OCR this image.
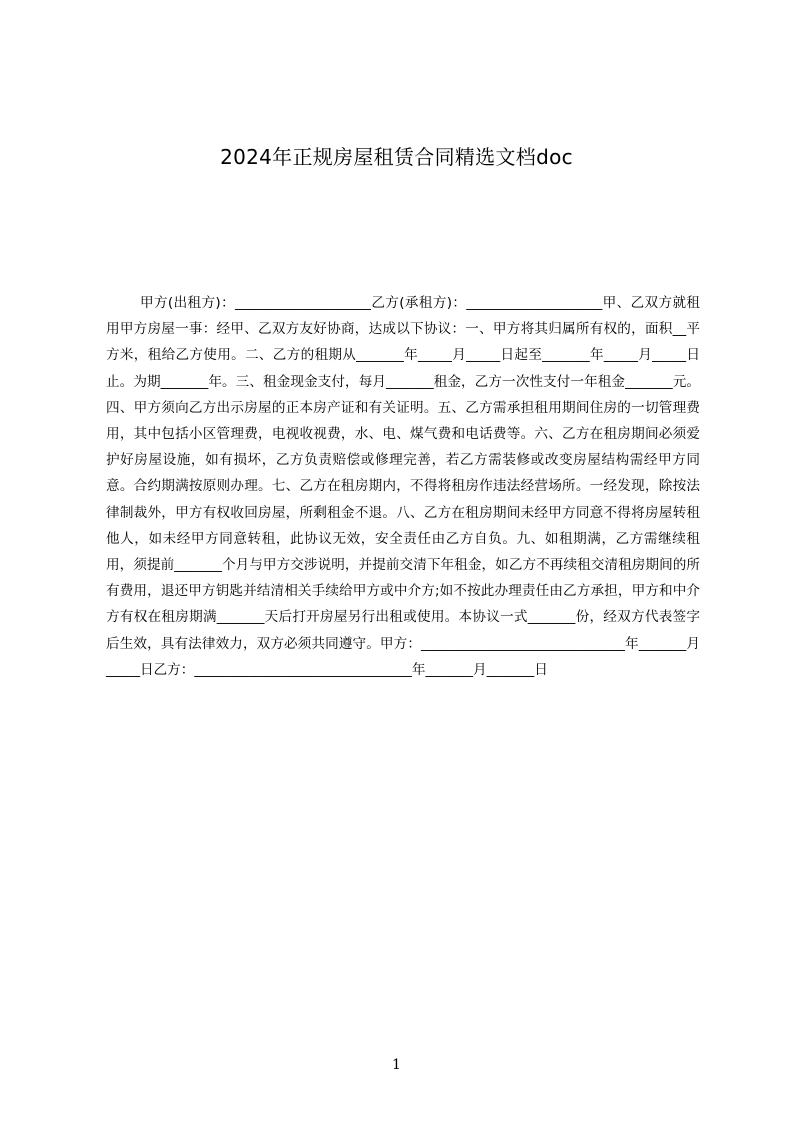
2024年正规房屋租赁合同精选文档doc

甲方(出租方)：____________________乙方(承租方)：____________________甲、乙双方就租用甲方房屋一事：经甲、乙双方友好协商，达成以下协议：一、甲方将其归属所有权的，面积__平方米，租给乙方使用。二、乙方的租期从_______年_____月_____日起至_______年_____月_____日止。为期_______年。三、租金现金支付，每月_______租金，乙方一次性支付一年租金_______元。四、甲方须向乙方出示房屋的正本房产证和有关证明。五、乙方需承担租用期间住房的一切管理费用，其中包括小区管理费，电视收视费，水、电、煤气费和电话费等。六、乙方在租房期间必须爱护好房屋设施，如有损坏，乙方负责赔偿或修理完善，若乙方需装修或改变房屋结构需经甲方同意。合约期满按原则办理。七、乙方在租房期内，不得将租房作违法经营场所。一经发现，除按法律制裁外，甲方有权收回房屋，所剩租金不退。八、乙方在租房期间未经甲方同意不得将房屋转租他人，如未经甲方同意转租，此协议无效，安全责任由乙方自负。九、如租期满，乙方需继续租用，须提前_______个月与甲方交涉说明，并提前交清下年租金，如乙方不再续租交清租房期间的所有费用，退还甲方钥匙并结清相关手续给甲方或中介方;如不按此办理责任由乙方承担，甲方和中介方有权在租房期满_______天后打开房屋另行出租或使用。本协议一式_______份，经双方代表签字后生效，具有法律效力，双方必须共同遵守。甲方：______________________________年_______月_____日乙方：________________________________年_______月_______日

1
